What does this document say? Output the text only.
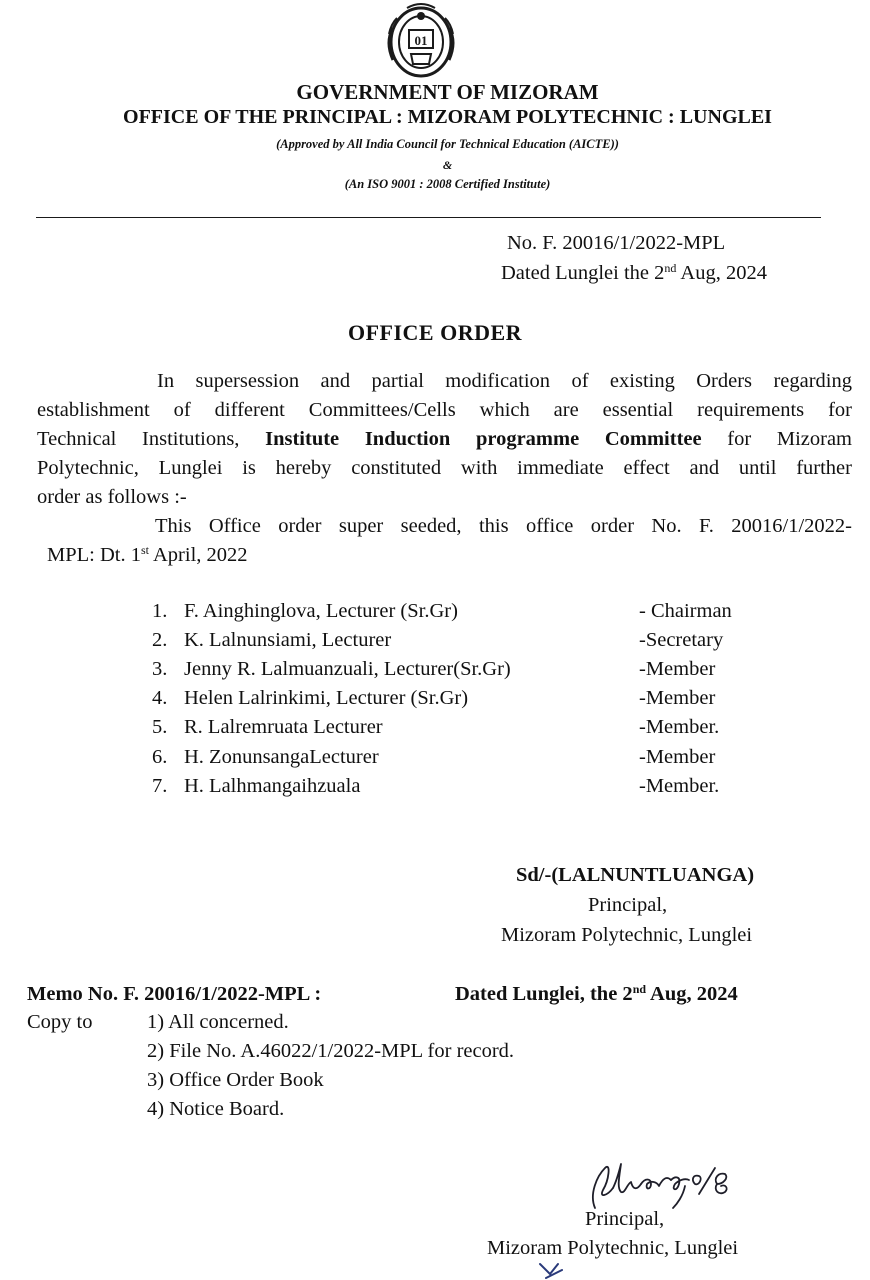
01

GOVERNMENT OF MIZORAM

OFFICE OF THE PRINCIPAL : MIZORAM POLYTECHNIC : LUNGLEI

(Approved by All India Council for Technical Education (AICTE))

&

(An ISO 9001 : 2008 Certified Institute)

No. F. 20016/1/2022-MPL

Dated Lunglei the 2nd Aug, 2024

OFFICE ORDER

In supersession and partial modification of existing Orders regarding
establishment of different Committees/Cells which are essential requirements for
Technical Institutions, Institute Induction programme Committee for Mizoram
Polytechnic, Lunglei is hereby constituted with immediate effect and until further
order as follows :-
This Office order super seeded, this office order No. F. 20016/1/2022-
MPL: Dt. 1st April, 2022
1. F. Ainghinglova, Lecturer (Sr.Gr)	- Chairman
2. K. Lalnunsiami, Lecturer	-Secretary
3. Jenny R. Lalmuanzuali, Lecturer(Sr.Gr)	-Member
4. Helen Lalrinkimi, Lecturer (Sr.Gr)	-Member
5. R. Lalremruata Lecturer	-Member.
6. H. ZonunsangaLecturer	-Member
7. H. Lalhmangaihzuala	-Member.

Sd/-(LALNUNTLUANGA)

Principal,

Mizoram Polytechnic, Lunglei

Memo No. F. 20016/1/2022-MPL :	Dated Lunglei, the 2nd Aug, 2024

Copy to	1) All concerned.

2) File No. A.46022/1/2022-MPL for record.

3) Office Order Book

4) Notice Board.

Principal,

Mizoram Polytechnic, Lunglei
